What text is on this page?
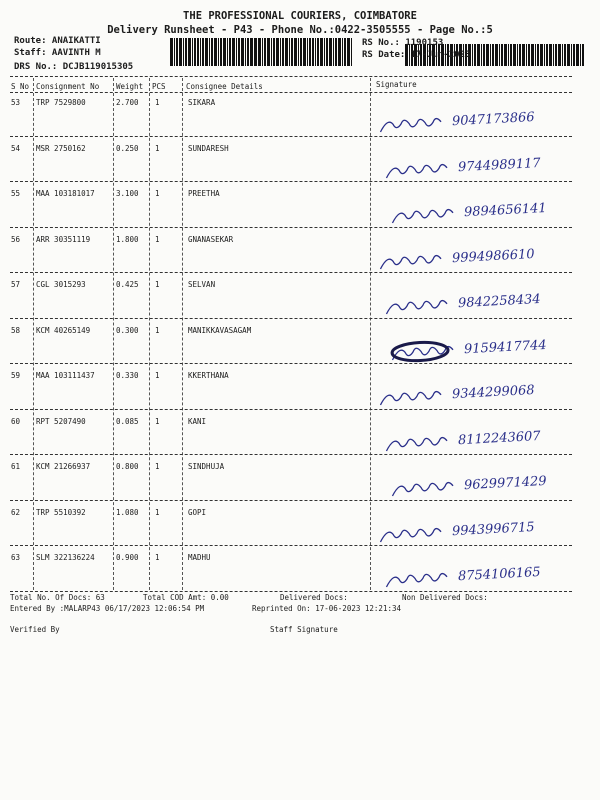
THE PROFESSIONAL COURIERS, COIMBATORE
Delivery Runsheet - P43 - Phone No.:0422-3505555 - Page No.:5
Route: ANAIKATTI
Staff: AAVINTH M
DRS No.: DCJB119015305
RS No.: 1190153
RS Date: 17-Jun-2023
S No Consignment No Weight PCS	Consignee Details	Signature
53 TRP 7529800	2.700 1	SIKARA
9047173866
54 MSR 2750162	0.250 1	SUNDARESH
9744989117
55 MAA 103181017	3.100 1	PREETHA
9894656141
56 ARR 30351119	1.800 1	GNANASEKAR
9994986610
57 CGL 3015293	0.425 1	SELVAN
9842258434
58 KCM 40265149	0.300 1	MANIKKAVASAGAM
9159417744
59 MAA 103111437	0.330 1	KKERTHANA
9344299068
60 RPT 5207490	0.085 1	KANI
8112243607
61 KCM 21266937	0.800 1	SINDHUJA
9629971429
62 TRP 5510392	1.080 1	GOPI
9943996715
63 SLM 322136224	0.900 1	MADHU
8754106165
Total No. Of Docs: 63	Total COD Amt: 0.00	Delivered Docs:	Non Delivered Docs:
Entered By :MALARP43 06/17/2023 12:06:54 PM	Reprinted On: 17-06-2023 12:21:34
Verified By	Staff Signature
